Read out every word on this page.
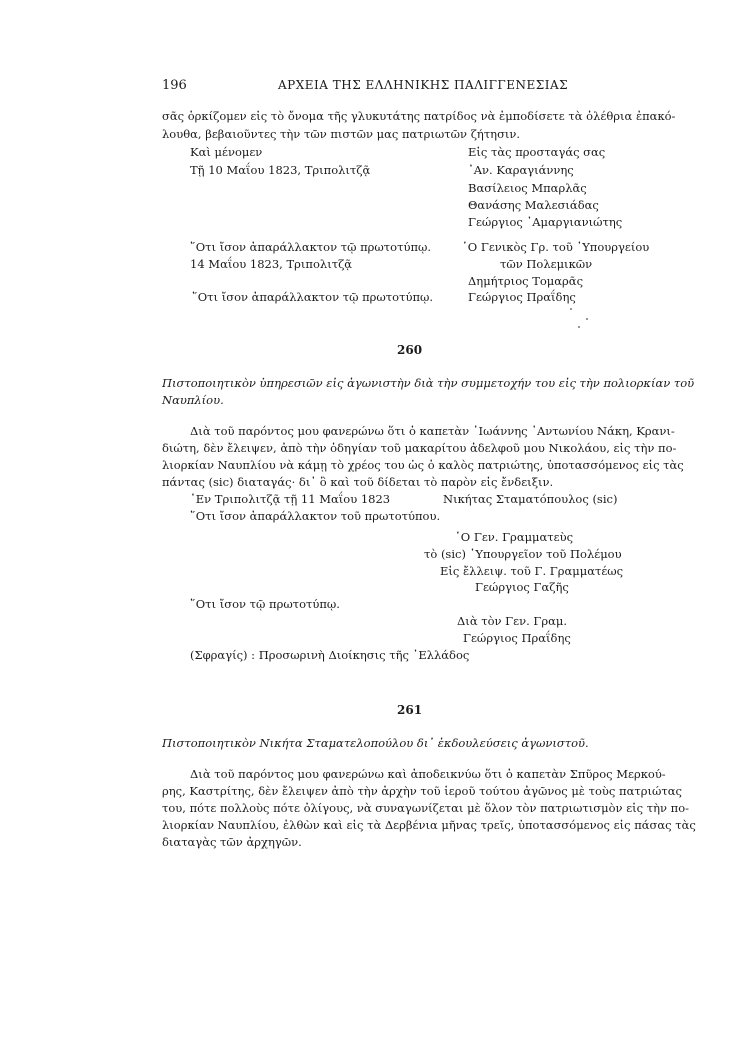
196	ΑΡΧΕΙΑ ΤΗΣ ΕΛΛΗΝΙΚΗΣ ΠΑΛΙΓΓΕΝΕΣΙΑΣ
σᾶς ὁρκίζομεν εἰς τὸ ὄνομα τῆς γλυκυτάτης πατρίδος νὰ ἐμποδίσετε τὰ ὀλέθρια ἐπακό-
λουθα, βεβαιοῦντες τὴν τῶν πιστῶν μας πατριωτῶν ζήτησιν.
Καὶ μένομεν	Εἰς τὰς προσταγάς σας
Τῇ 10 Μαΐου 1823, Τριπολιτζᾷ	᾿Αν. Καραγιάννης
Βασίλειος Μπαρλᾶς
Θανάσης Μαλεσιάδας
Γεώργιος ᾿Αμαργιανιώτης
῞Οτι ἴσον ἀπαράλλακτον τῷ πρωτοτύπῳ.	῾Ο Γενικὸς Γρ. τοῦ ῾Υπουργείου
14 Μαΐου 1823, Τριπολιτζᾷ	τῶν Πολεμικῶν
Δημήτριος Τομαρᾶς
῞Οτι ἴσον ἀπαράλλακτον τῷ πρωτοτύπῳ.	Γεώργιος Πραΐδης
260
Πιστοποιητικὸν ὑπηρεσιῶν εἰς ἀγωνιστὴν διὰ τὴν συμμετοχήν του εἰς τὴν πολιορκίαν τοῦ
Ναυπλίου.
Διὰ τοῦ παρόντος μου φανερώνω ὅτι ὁ καπετὰν ᾿Ιωάννης ᾿Αντωνίου Νάκη, Κρανι-
διώτη, δὲν ἔλειψεν, ἀπὸ τὴν ὁδηγίαν τοῦ μακαρίτου ἀδελφοῦ μου Νικολάου, εἰς τὴν πο-
λιορκίαν Ναυπλίου νὰ κάμῃ τὸ χρέος του ὡς ὁ καλὸς πατριώτης, ὑποτασσόμενος εἰς τὰς
πάντας (sic) διαταγάς· δι᾿ ὃ καὶ τοῦ δίδεται τὸ παρὸν εἰς ἔνδειξιν.
᾿Εν Τριπολιτζᾷ τῇ 11 Μαΐου 1823	Νικήτας Σταματόπουλος (sic)
῞Οτι ἴσον ἀπαράλλακτον τοῦ πρωτοτύπου.
῾Ο Γεν. Γραμματεὺς
τὸ (sic) ῾Υπουργεῖον τοῦ Πολέμου
Εἰς ἔλλειψ. τοῦ Γ. Γραμματέως
Γεώργιος Γαζῆς
῞Οτι ἴσον τῷ πρωτοτύπῳ.
Διὰ τὸν Γεν. Γραμ.
Γεώργιος Πραΐδης
(Σφραγίς) : Προσωρινὴ Διοίκησις τῆς ῾Ελλάδος
261
Πιστοποιητικὸν Νικήτα Σταματελοπούλου δι᾿ ἐκδουλεύσεις ἀγωνιστοῦ.
Διὰ τοῦ παρόντος μου φανερώνω καὶ ἀποδεικνύω ὅτι ὁ καπετὰν Σπῦρος Μερκού-
ρης, Καστρίτης, δὲν ἔλειψεν ἀπὸ τὴν ἀρχὴν τοῦ ἱεροῦ τούτου ἀγῶνος μὲ τοὺς πατριώτας
του, πότε πολλοὺς πότε ὀλίγους, νὰ συναγωνίζεται μὲ ὅλον τὸν πατριωτισμὸν εἰς τὴν πο-
λιορκίαν Ναυπλίου, ἐλθὼν καὶ εἰς τὰ Δερβένια μῆνας τρεῖς, ὑποτασσόμενος εἰς πάσας τὰς
διαταγὰς τῶν ἀρχηγῶν.
